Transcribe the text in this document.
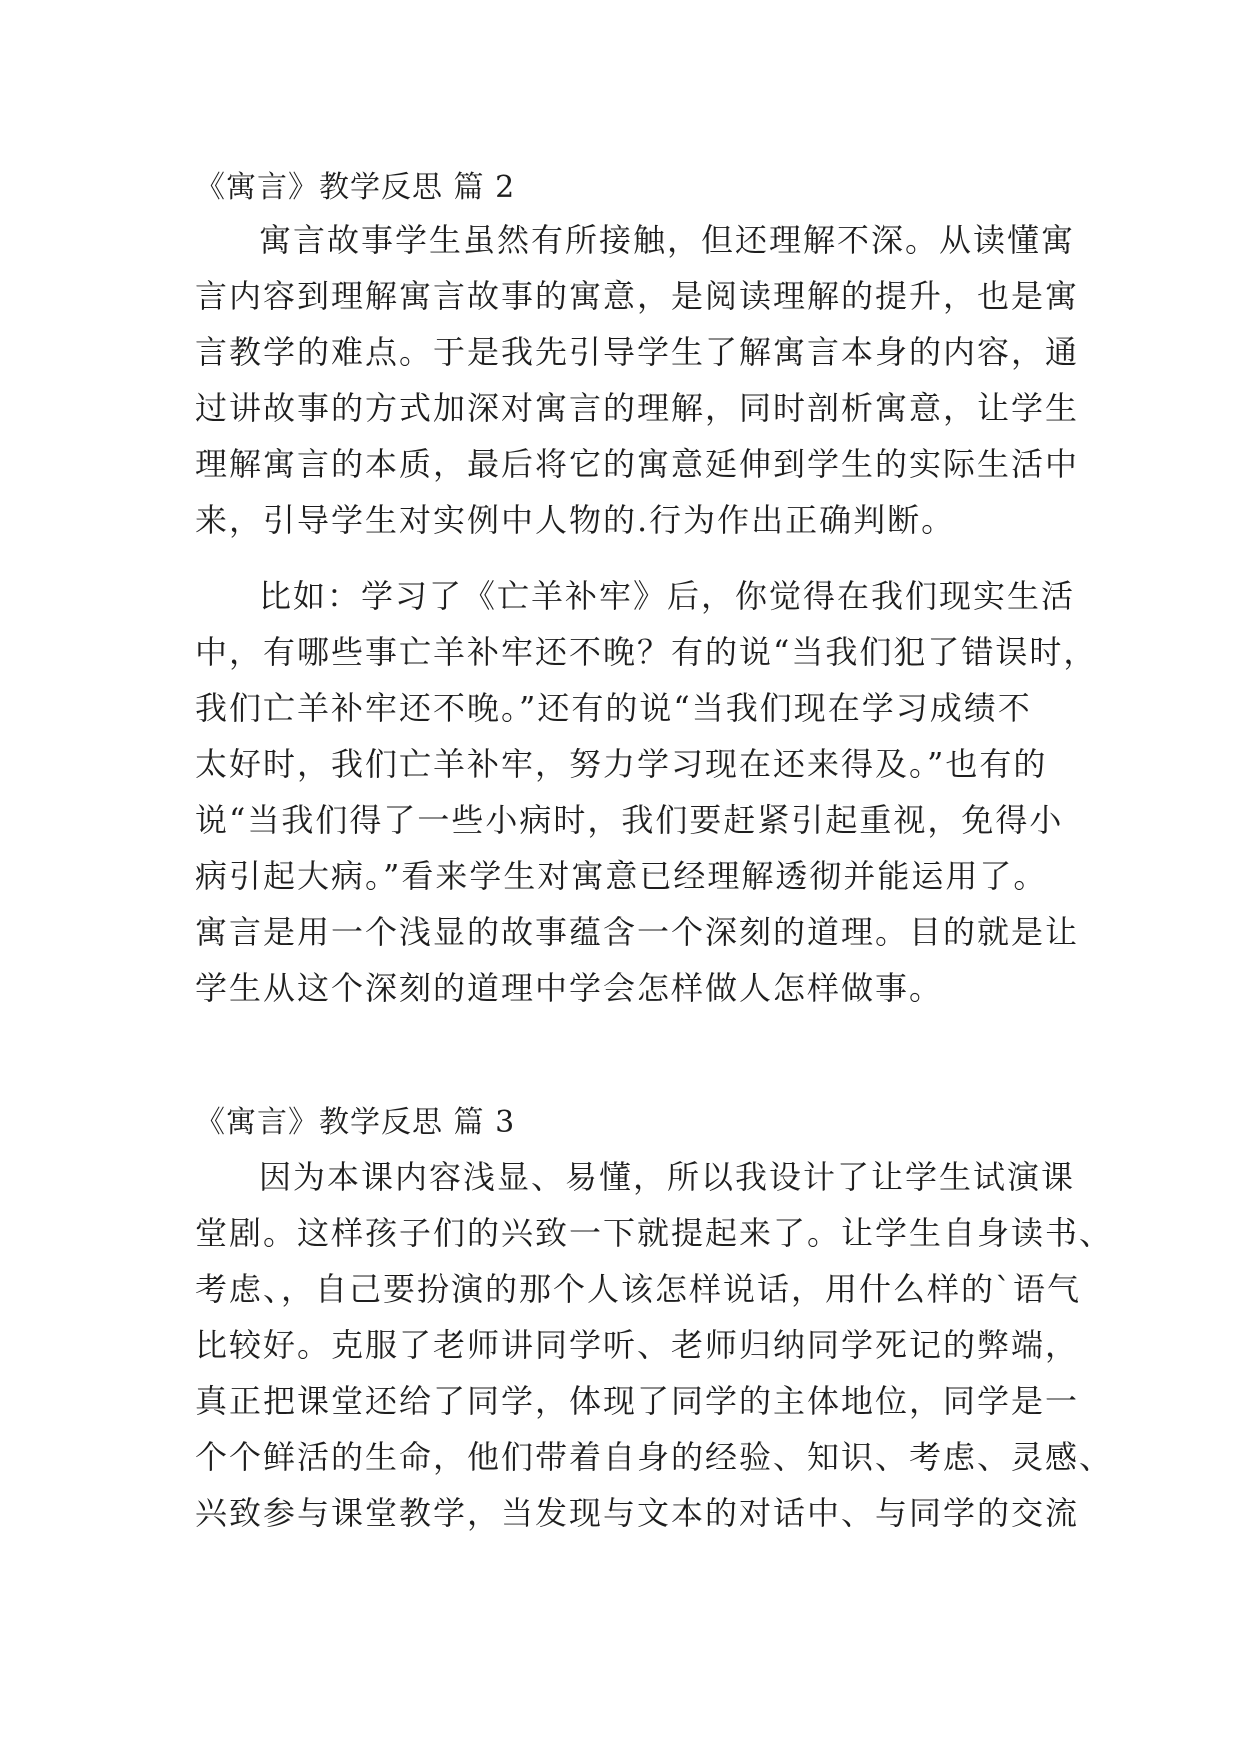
《寓言》教学反思 篇 2
寓言故事学生虽然有所接触，但还理解不深。从读懂寓
言内容到理解寓言故事的寓意，是阅读理解的提升，也是寓
言教学的难点。于是我先引导学生了解寓言本身的内容，通
过讲故事的方式加深对寓言的理解，同时剖析寓意，让学生
理解寓言的本质，最后将它的寓意延伸到学生的实际生活中
来，引导学生对实例中人物的.行为作出正确判断。
比如：学习了《亡羊补牢》后，你觉得在我们现实生活
中，有哪些事亡羊补牢还不晚？有的说“当我们犯了错误时，
我们亡羊补牢还不晚。”还有的说“当我们现在学习成绩不
太好时，我们亡羊补牢，努力学习现在还来得及。”也有的
说“当我们得了一些小病时，我们要赶紧引起重视，免得小
病引起大病。”看来学生对寓意已经理解透彻并能运用了。
寓言是用一个浅显的故事蕴含一个深刻的道理。目的就是让
学生从这个深刻的道理中学会怎样做人怎样做事。
《寓言》教学反思 篇 3
因为本课内容浅显、易懂，所以我设计了让学生试演课
堂剧。这样孩子们的兴致一下就提起来了。让学生自身读书、
考虑、，自己要扮演的那个人该怎样说话，用什么样的`语气
比较好。克服了老师讲同学听、老师归纳同学死记的弊端，
真正把课堂还给了同学，体现了同学的主体地位，同学是一
个个鲜活的生命，他们带着自身的经验、知识、考虑、灵感、
兴致参与课堂教学，当发现与文本的对话中、与同学的交流
